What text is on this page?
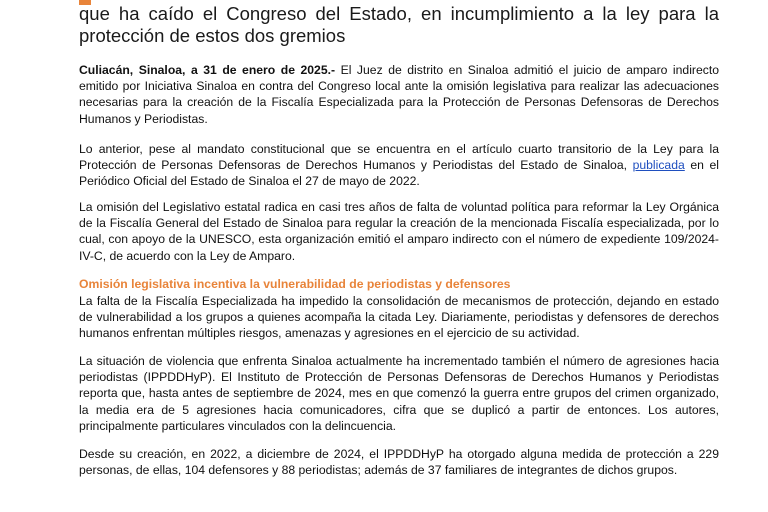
que ha caído el Congreso del Estado, en incumplimiento a la ley para la protección de estos dos gremios

Culiacán, Sinaloa, a 31 de enero de 2025.- El Juez de distrito en Sinaloa admitió el juicio de amparo indirecto emitido por Iniciativa Sinaloa en contra del Congreso local ante la omisión legislativa para realizar las adecuaciones necesarias para la creación de la Fiscalía Especializada para la Protección de Personas Defensoras de Derechos Humanos y Periodistas.

Lo anterior, pese al mandato constitucional que se encuentra en el artículo cuarto transitorio de la Ley para la Protección de Personas Defensoras de Derechos Humanos y Periodistas del Estado de Sinaloa, publicada en el Periódico Oficial del Estado de Sinaloa el 27 de mayo de 2022.

La omisión del Legislativo estatal radica en casi tres años de falta de voluntad política para reformar la Ley Orgánica de la Fiscalía General del Estado de Sinaloa para regular la creación de la mencionada Fiscalía especializada, por lo cual, con apoyo de la UNESCO, esta organización emitió el amparo indirecto con el número de expediente 109/2024-IV-C, de acuerdo con la Ley de Amparo.

Omisión legislativa incentiva la vulnerabilidad de periodistas y defensores

La falta de la Fiscalía Especializada ha impedido la consolidación de mecanismos de protección, dejando en estado de vulnerabilidad a los grupos a quienes acompaña la citada Ley. Diariamente, periodistas y defensores de derechos humanos enfrentan múltiples riesgos, amenazas y agresiones en el ejercicio de su actividad.

La situación de violencia que enfrenta Sinaloa actualmente ha incrementado también el número de agresiones hacia periodistas (IPPDDHyP). El Instituto de Protección de Personas Defensoras de Derechos Humanos y Periodistas reporta que, hasta antes de septiembre de 2024, mes en que comenzó la guerra entre grupos del crimen organizado, la media era de 5 agresiones hacia comunicadores, cifra que se duplicó a partir de entonces. Los autores, principalmente particulares vinculados con la delincuencia.

Desde su creación, en 2022, a diciembre de 2024, el IPPDDHyP ha otorgado alguna medida de protección a 229 personas, de ellas, 104 defensores y 88 periodistas; además de 37 familiares de integrantes de dichos grupos.
